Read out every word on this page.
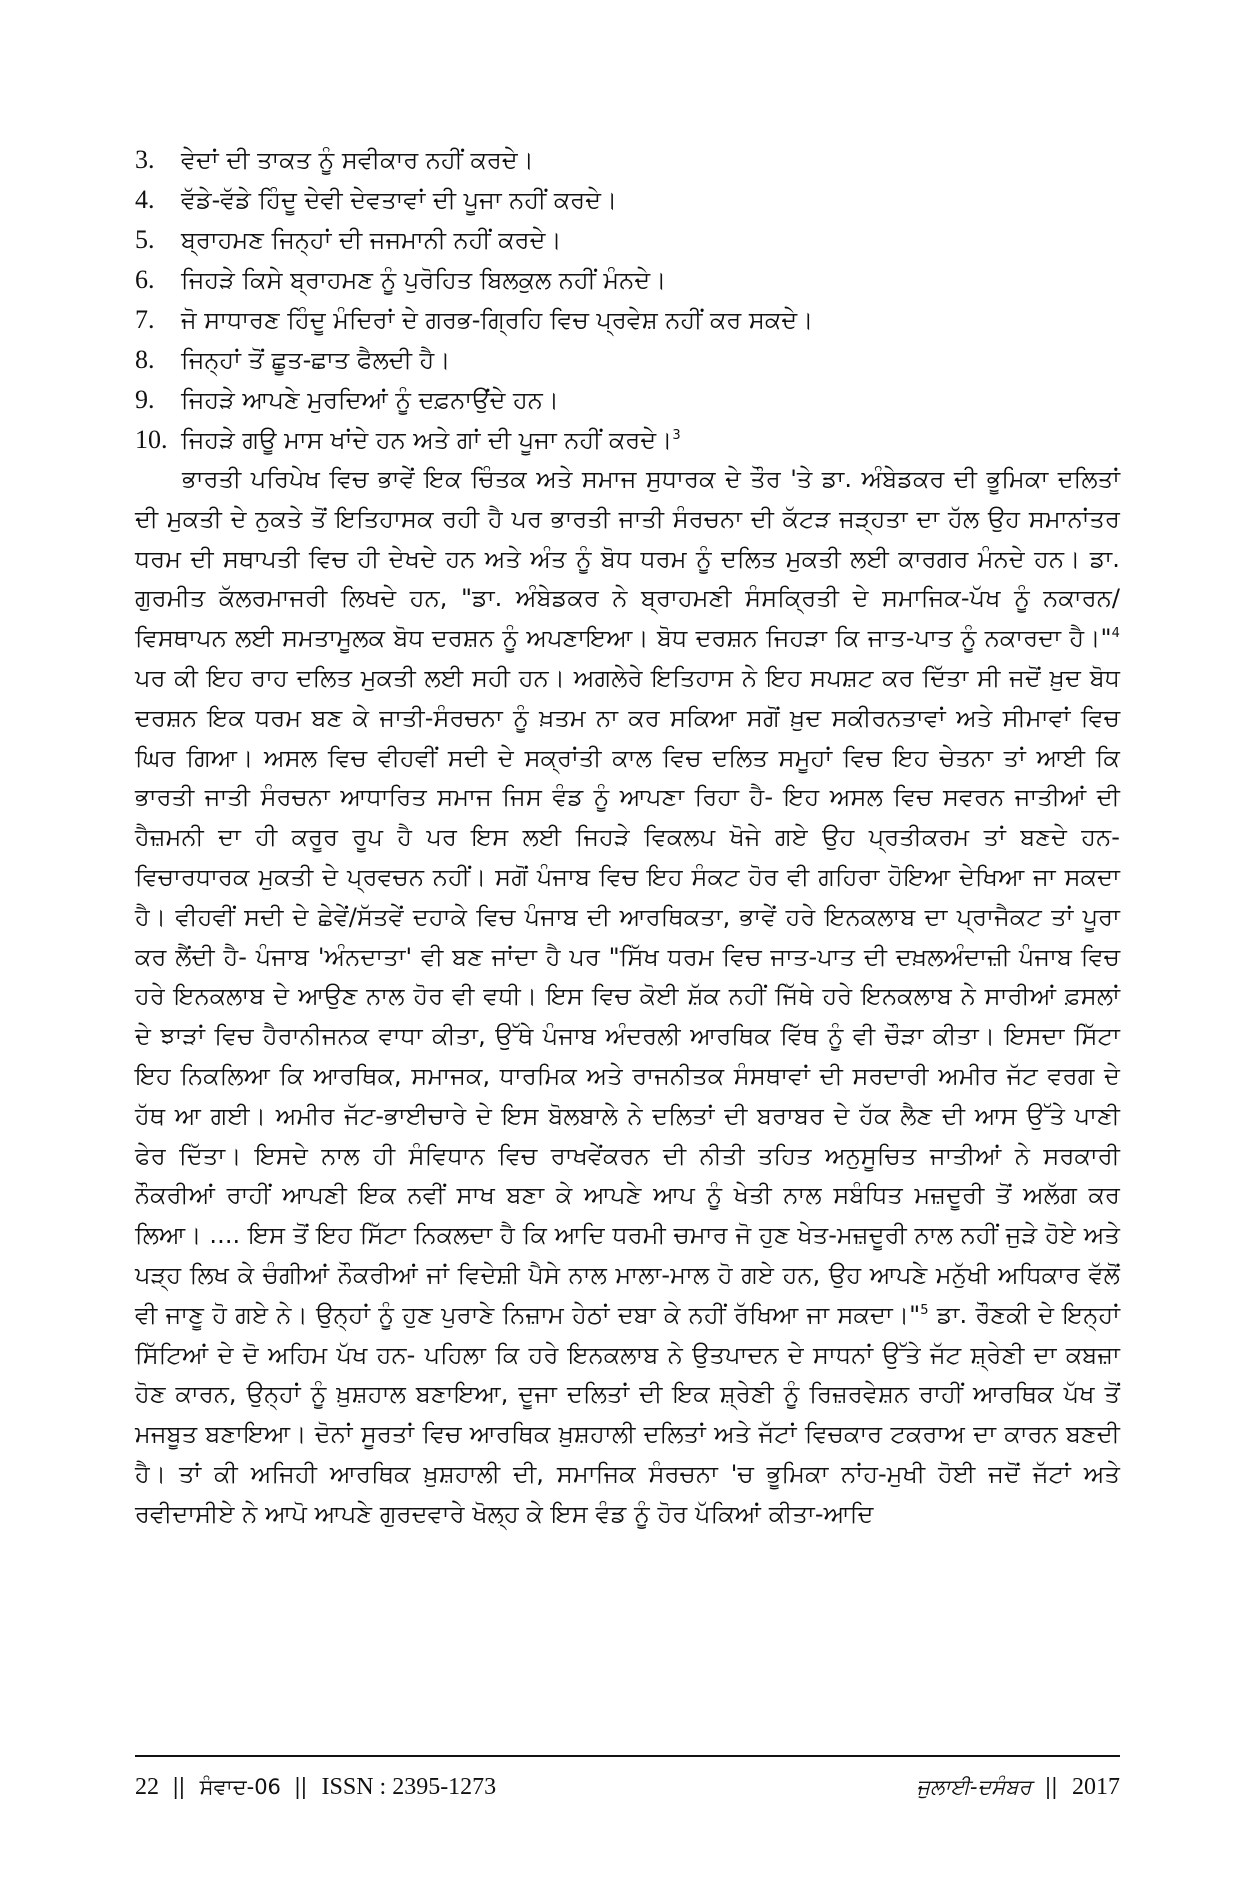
3. ਵੇਦਾਂ ਦੀ ਤਾਕਤ ਨੂੰ ਸਵੀਕਾਰ ਨਹੀਂ ਕਰਦੇ।
4. ਵੱਡੇ-ਵੱਡੇ ਹਿੰਦੂ ਦੇਵੀ ਦੇਵਤਾਵਾਂ ਦੀ ਪੂਜਾ ਨਹੀਂ ਕਰਦੇ।
5. ਬ੍ਰਾਹਮਣ ਜਿਨ੍ਹਾਂ ਦੀ ਜਜਮਾਨੀ ਨਹੀਂ ਕਰਦੇ।
6. ਜਿਹੜੇ ਕਿਸੇ ਬ੍ਰਾਹਮਣ ਨੂੰ ਪੁਰੋਹਿਤ ਬਿਲਕੁਲ ਨਹੀਂ ਮੰਨਦੇ।
7. ਜੋ ਸਾਧਾਰਣ ਹਿੰਦੂ ਮੰਦਿਰਾਂ ਦੇ ਗਰਭ-ਗ੍ਰਿਹਿ ਵਿਚ ਪ੍ਰਵੇਸ਼ ਨਹੀਂ ਕਰ ਸਕਦੇ।
8. ਜਿਨ੍ਹਾਂ ਤੋਂ ਛੂਤ-ਛਾਤ ਫੈਲਦੀ ਹੈ।
9. ਜਿਹੜੇ ਆਪਣੇ ਮੁਰਦਿਆਂ ਨੂੰ ਦਫ਼ਨਾਉਂਦੇ ਹਨ।
10. ਜਿਹੜੇ ਗਊ ਮਾਸ ਖਾਂਦੇ ਹਨ ਅਤੇ ਗਾਂ ਦੀ ਪੂਜਾ ਨਹੀਂ ਕਰਦੇ।$^3$

ਭਾਰਤੀ ਪਰਿਪੇਖ ਵਿਚ ਭਾਵੇਂ ਇਕ ਚਿੰਤਕ ਅਤੇ ਸਮਾਜ ਸੁਧਾਰਕ ਦੇ ਤੌਰ 'ਤੇ ਡਾ. ਅੰਬੇਡਕਰ ਦੀ ਭੂਮਿਕਾ ਦਲਿਤਾਂ ਦੀ ਮੁਕਤੀ ਦੇ ਨੁਕਤੇ ਤੋਂ ਇਤਿਹਾਸਕ ਰਹੀ ਹੈ ਪਰ ਭਾਰਤੀ ਜਾਤੀ ਸੰਰਚਨਾ ਦੀ ਕੱਟੜ ਜੜ੍ਹਤਾ ਦਾ ਹੱਲ ਉਹ ਸਮਾਨਾਂਤਰ ਧਰਮ ਦੀ ਸਥਾਪਤੀ ਵਿਚ ਹੀ ਦੇਖਦੇ ਹਨ ਅਤੇ ਅੰਤ ਨੂੰ ਬੋਧ ਧਰਮ ਨੂੰ ਦਲਿਤ ਮੁਕਤੀ ਲਈ ਕਾਰਗਰ ਮੰਨਦੇ ਹਨ। ਡਾ. ਗੁਰਮੀਤ ਕੱਲਰਮਾਜਰੀ ਲਿਖਦੇ ਹਨ, "ਡਾ. ਅੰਬੇਡਕਰ ਨੇ ਬ੍ਰਾਹਮਣੀ ਸੰਸਕ੍ਰਿਤੀ ਦੇ ਸਮਾਜਿਕ-ਪੱਖ ਨੂੰ ਨਕਾਰਨ/ਵਿਸਥਾਪਨ ਲਈ ਸਮਤਾਮੂਲਕ ਬੋਧ ਦਰਸ਼ਨ ਨੂੰ ਅਪਣਾਇਆ। ਬੋਧ ਦਰਸ਼ਨ ਜਿਹੜਾ ਕਿ ਜਾਤ-ਪਾਤ ਨੂੰ ਨਕਾਰਦਾ ਹੈ।"$^4$ ਪਰ ਕੀ ਇਹ ਰਾਹ ਦਲਿਤ ਮੁਕਤੀ ਲਈ ਸਹੀ ਹਨ। ਅਗਲੇਰੇ ਇਤਿਹਾਸ ਨੇ ਇਹ ਸਪਸ਼ਟ ਕਰ ਦਿੱਤਾ ਸੀ ਜਦੋਂ ਖ਼ੁਦ ਬੋਧ ਦਰਸ਼ਨ ਇਕ ਧਰਮ ਬਣ ਕੇ ਜਾਤੀ-ਸੰਰਚਨਾ ਨੂੰ ਖ਼ਤਮ ਨਾ ਕਰ ਸਕਿਆ ਸਗੋਂ ਖ਼ੁਦ ਸਕੀਰਨਤਾਵਾਂ ਅਤੇ ਸੀਮਾਵਾਂ ਵਿਚ ਘਿਰ ਗਿਆ। ਅਸਲ ਵਿਚ ਵੀਹਵੀਂ ਸਦੀ ਦੇ ਸਕ੍ਰਾਂਤੀ ਕਾਲ ਵਿਚ ਦਲਿਤ ਸਮੂਹਾਂ ਵਿਚ ਇਹ ਚੇਤਨਾ ਤਾਂ ਆਈ ਕਿ ਭਾਰਤੀ ਜਾਤੀ ਸੰਰਚਨਾ ਆਧਾਰਿਤ ਸਮਾਜ ਜਿਸ ਵੰਡ ਨੂੰ ਆਪਣਾ ਰਿਹਾ ਹੈ- ਇਹ ਅਸਲ ਵਿਚ ਸਵਰਨ ਜਾਤੀਆਂ ਦੀ ਹੈਜ਼ਮਨੀ ਦਾ ਹੀ ਕਰੂਰ ਰੂਪ ਹੈ ਪਰ ਇਸ ਲਈ ਜਿਹੜੇ ਵਿਕਲਪ ਖੋਜੇ ਗਏ ਉਹ ਪ੍ਰਤੀਕਰਮ ਤਾਂ ਬਣਦੇ ਹਨ- ਵਿਚਾਰਧਾਰਕ ਮੁਕਤੀ ਦੇ ਪ੍ਰਵਚਨ ਨਹੀਂ। ਸਗੋਂ ਪੰਜਾਬ ਵਿਚ ਇਹ ਸੰਕਟ ਹੋਰ ਵੀ ਗਹਿਰਾ ਹੋਇਆ ਦੇਖਿਆ ਜਾ ਸਕਦਾ ਹੈ। ਵੀਹਵੀਂ ਸਦੀ ਦੇ ਛੇਵੇਂ/ਸੱਤਵੇਂ ਦਹਾਕੇ ਵਿਚ ਪੰਜਾਬ ਦੀ ਆਰਥਿਕਤਾ, ਭਾਵੇਂ ਹਰੇ ਇਨਕਲਾਬ ਦਾ ਪ੍ਰਾਜੈਕਟ ਤਾਂ ਪੂਰਾ ਕਰ ਲੈਂਦੀ ਹੈ- ਪੰਜਾਬ 'ਅੰਨਦਾਤਾ' ਵੀ ਬਣ ਜਾਂਦਾ ਹੈ ਪਰ "ਸਿੱਖ ਧਰਮ ਵਿਚ ਜਾਤ-ਪਾਤ ਦੀ ਦਖ਼ਲਅੰਦਾਜ਼ੀ ਪੰਜਾਬ ਵਿਚ ਹਰੇ ਇਨਕਲਾਬ ਦੇ ਆਉਣ ਨਾਲ ਹੋਰ ਵੀ ਵਧੀ। ਇਸ ਵਿਚ ਕੋਈ ਸ਼ੱਕ ਨਹੀਂ ਜਿੱਥੇ ਹਰੇ ਇਨਕਲਾਬ ਨੇ ਸਾਰੀਆਂ ਫ਼ਸਲਾਂ ਦੇ ਝਾੜਾਂ ਵਿਚ ਹੈਰਾਨੀਜਨਕ ਵਾਧਾ ਕੀਤਾ, ਉੱਥੇ ਪੰਜਾਬ ਅੰਦਰਲੀ ਆਰਥਿਕ ਵਿੱਥ ਨੂੰ ਵੀ ਚੌੜਾ ਕੀਤਾ। ਇਸਦਾ ਸਿੱਟਾ ਇਹ ਨਿਕਲਿਆ ਕਿ ਆਰਥਿਕ, ਸਮਾਜਕ, ਧਾਰਮਿਕ ਅਤੇ ਰਾਜਨੀਤਕ ਸੰਸਥਾਵਾਂ ਦੀ ਸਰਦਾਰੀ ਅਮੀਰ ਜੱਟ ਵਰਗ ਦੇ ਹੱਥ ਆ ਗਈ। ਅਮੀਰ ਜੱਟ-ਭਾਈਚਾਰੇ ਦੇ ਇਸ ਬੋਲਬਾਲੇ ਨੇ ਦਲਿਤਾਂ ਦੀ ਬਰਾਬਰ ਦੇ ਹੱਕ ਲੈਣ ਦੀ ਆਸ ਉੱਤੇ ਪਾਣੀ ਫੇਰ ਦਿੱਤਾ। ਇਸਦੇ ਨਾਲ ਹੀ ਸੰਵਿਧਾਨ ਵਿਚ ਰਾਖਵੇਂਕਰਨ ਦੀ ਨੀਤੀ ਤਹਿਤ ਅਨੁਸੂਚਿਤ ਜਾਤੀਆਂ ਨੇ ਸਰਕਾਰੀ ਨੌਕਰੀਆਂ ਰਾਹੀਂ ਆਪਣੀ ਇਕ ਨਵੀਂ ਸਾਖ ਬਣਾ ਕੇ ਆਪਣੇ ਆਪ ਨੂੰ ਖੇਤੀ ਨਾਲ ਸਬੰਧਿਤ ਮਜ਼ਦੂਰੀ ਤੋਂ ਅਲੱਗ ਕਰ ਲਿਆ। .... ਇਸ ਤੋਂ ਇਹ ਸਿੱਟਾ ਨਿਕਲਦਾ ਹੈ ਕਿ ਆਦਿ ਧਰਮੀ ਚਮਾਰ ਜੋ ਹੁਣ ਖੇਤ-ਮਜ਼ਦੂਰੀ ਨਾਲ ਨਹੀਂ ਜੁੜੇ ਹੋਏ ਅਤੇ ਪੜ੍ਹ ਲਿਖ ਕੇ ਚੰਗੀਆਂ ਨੌਕਰੀਆਂ ਜਾਂ ਵਿਦੇਸ਼ੀ ਪੈਸੇ ਨਾਲ ਮਾਲਾ-ਮਾਲ ਹੋ ਗਏ ਹਨ, ਉਹ ਆਪਣੇ ਮਨੁੱਖੀ ਅਧਿਕਾਰ ਵੱਲੋਂ ਵੀ ਜਾਣੂ ਹੋ ਗਏ ਨੇ। ਉਨ੍ਹਾਂ ਨੂੰ ਹੁਣ ਪੁਰਾਣੇ ਨਿਜ਼ਾਮ ਹੇਠਾਂ ਦਬਾ ਕੇ ਨਹੀਂ ਰੱਖਿਆ ਜਾ ਸਕਦਾ।"$^5$ ਡਾ. ਰੌਣਕੀ ਦੇ ਇਨ੍ਹਾਂ ਸਿੱਟਿਆਂ ਦੇ ਦੋ ਅਹਿਮ ਪੱਖ ਹਨ- ਪਹਿਲਾ ਕਿ ਹਰੇ ਇਨਕਲਾਬ ਨੇ ਉਤਪਾਦਨ ਦੇ ਸਾਧਨਾਂ ਉੱਤੇ ਜੱਟ ਸ਼੍ਰੇਣੀ ਦਾ ਕਬਜ਼ਾ ਹੋਣ ਕਾਰਨ, ਉਨ੍ਹਾਂ ਨੂੰ ਖ਼ੁਸ਼ਹਾਲ ਬਣਾਇਆ, ਦੂਜਾ ਦਲਿਤਾਂ ਦੀ ਇਕ ਸ਼੍ਰੇਣੀ ਨੂੰ ਰਿਜ਼ਰਵੇਸ਼ਨ ਰਾਹੀਂ ਆਰਥਿਕ ਪੱਖ ਤੋਂ ਮਜਬੂਤ ਬਣਾਇਆ। ਦੋਨਾਂ ਸੂਰਤਾਂ ਵਿਚ ਆਰਥਿਕ ਖ਼ੁਸ਼ਹਾਲੀ ਦਲਿਤਾਂ ਅਤੇ ਜੱਟਾਂ ਵਿਚਕਾਰ ਟਕਰਾਅ ਦਾ ਕਾਰਨ ਬਣਦੀ ਹੈ। ਤਾਂ ਕੀ ਅਜਿਹੀ ਆਰਥਿਕ ਖ਼ੁਸ਼ਹਾਲੀ ਦੀ, ਸਮਾਜਿਕ ਸੰਰਚਨਾ 'ਚ ਭੂਮਿਕਾ ਨਾਂਹ-ਮੁਖੀ ਹੋਈ ਜਦੋਂ ਜੱਟਾਂ ਅਤੇ ਰਵੀਦਾਸੀਏ ਨੇ ਆਪੋ ਆਪਣੇ ਗੁਰਦਵਾਰੇ ਖੋਲ੍ਹ ਕੇ ਇਸ ਵੰਡ ਨੂੰ ਹੋਰ ਪੱਕਿਆਂ ਕੀਤਾ-ਆਦਿ

22 || ਸੰਵਾਦ-06 || ISSN : 2395-1273	ਜੁਲਾਈ-ਦਸੰਬਰ || 2017
